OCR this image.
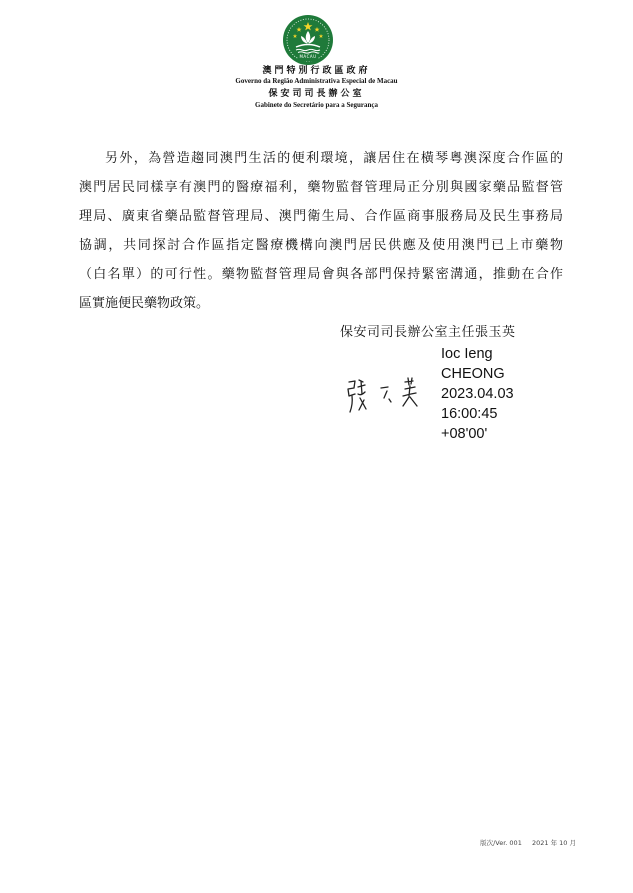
MACAU
澳門特別行政區政府
Governo da Região Administrativa Especial de Macau
保安司司長辦公室
Gabinete do Secretário para a Segurança
另外，為營造趨同澳門生活的便利環境，讓居住在橫琴粵澳深度合作區的
澳門居民同樣享有澳門的醫療福利，藥物監督管理局正分別與國家藥品監督管
理局、廣東省藥品監督管理局、澳門衛生局、合作區商事服務局及民生事務局
協調，共同探討合作區指定醫療機構向澳門居民供應及使用澳門已上市藥物
（白名單）的可行性。藥物監督管理局會與各部門保持緊密溝通，推動在合作
區實施便民藥物政策。
保安司司長辦公室主任張玉英
Ioc Ieng
CHEONG
2023.04.03
16:00:45
+08'00'
版次/Ver. 001 2021 年 10 月
